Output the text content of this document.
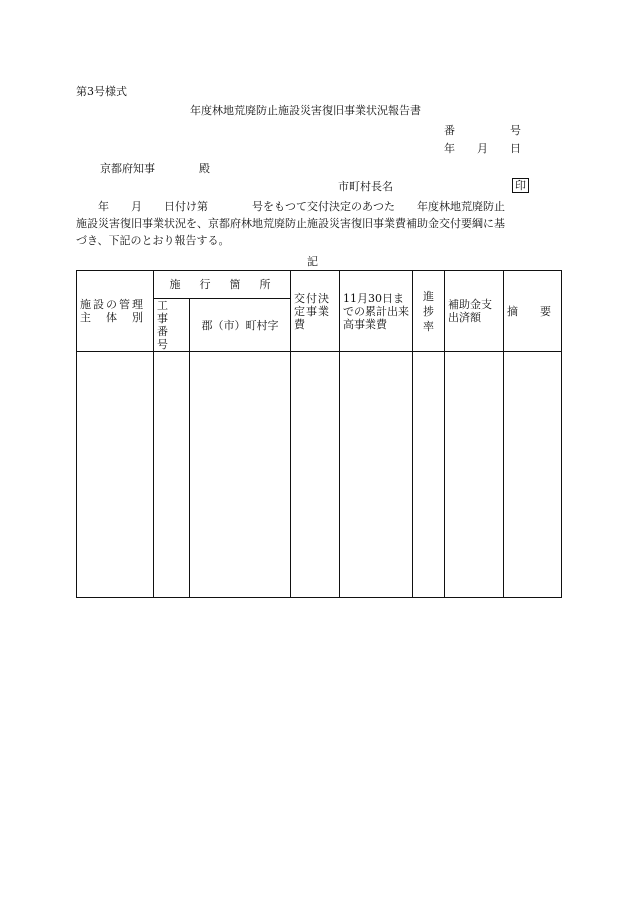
第3号様式
年度林地荒廃防止施設災害復旧事業状況報告書
番　　　　　号
年　　月　　日
京都府知事　　　　殿
市町村長名	印
　　年　　月　　日付け第　　　　号をもつて交付決定のあつた　　年度林地荒廃防止
施設災害復旧事業状況を、京都府林地荒廃防止施設災害復旧事業費補助金交付要綱に基
づき、下記のとおり報告する。
記
施設の管理主　体　別	施　行　箇　所		交付決定事業費	11月30日までの累計出来高事業費	進捗率	補助金支出済額	摘　　要

	工事番号	郡（市）町村字					
